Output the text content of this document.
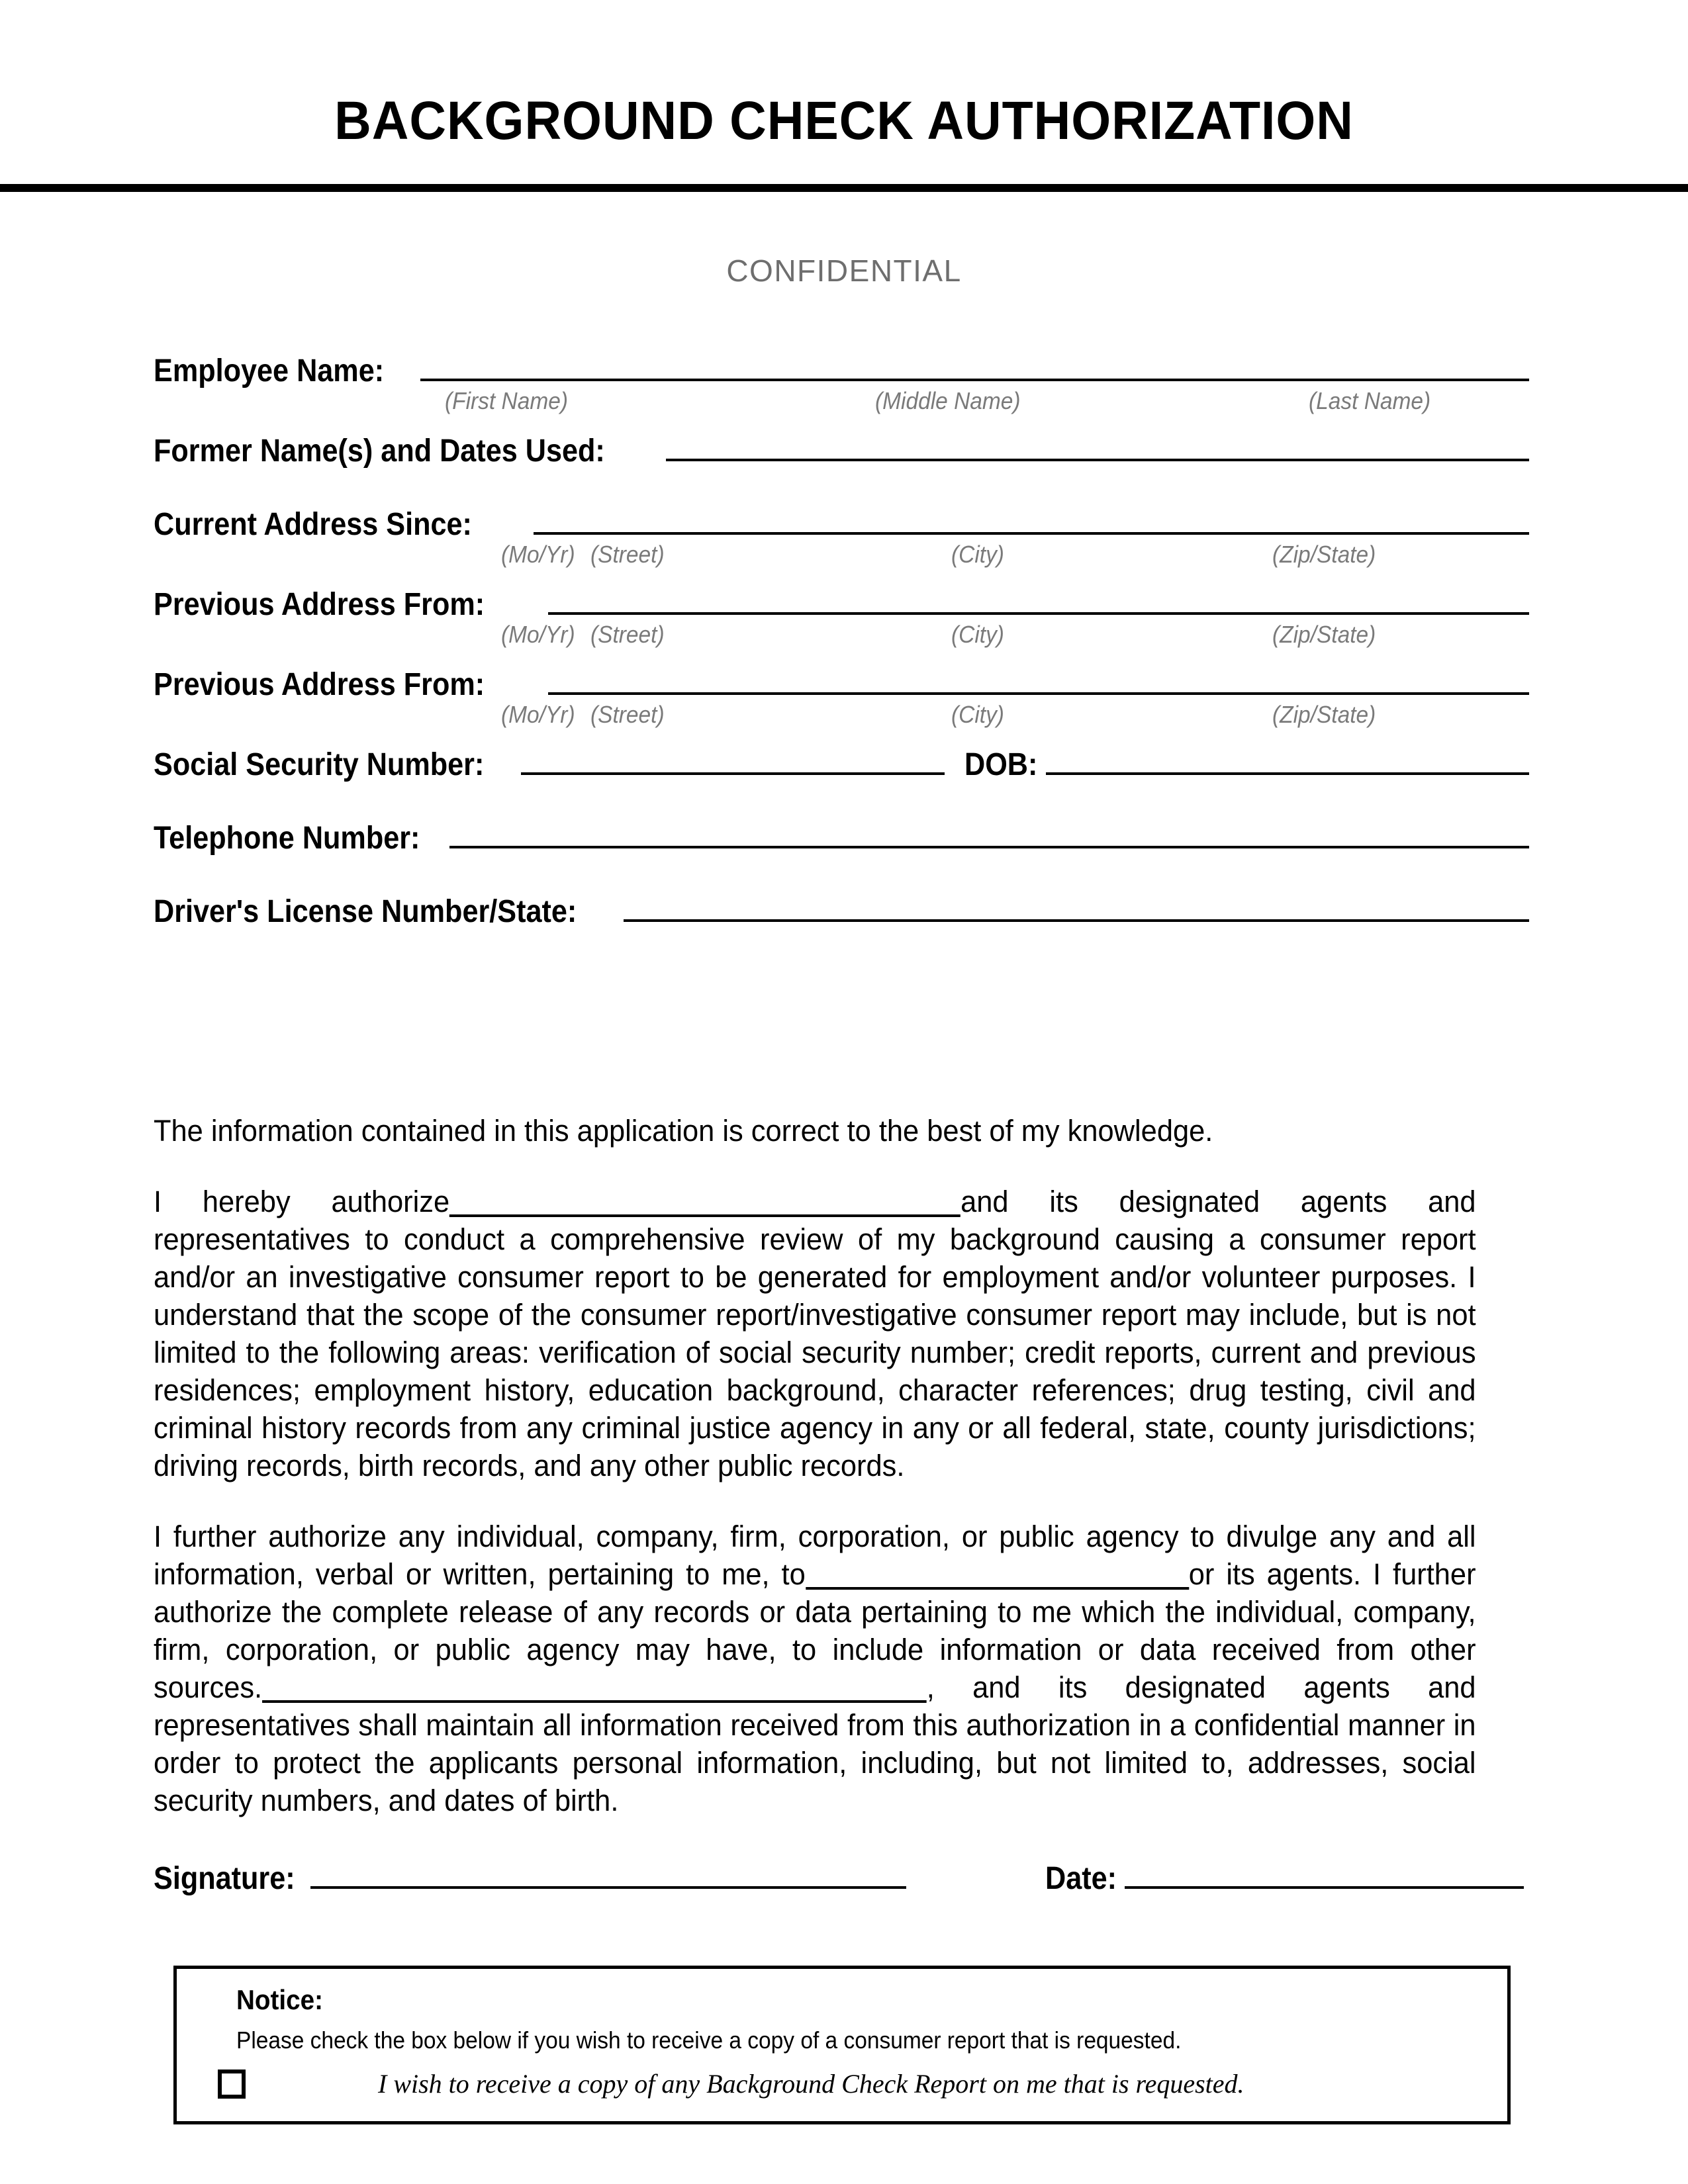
BACKGROUND CHECK AUTHORIZATION
CONFIDENTIAL
Employee Name:
(First Name)	(Middle Name)	(Last Name)
Former Name(s) and Dates Used:
Current Address Since:
(Mo/Yr) (Street)	(City)	(Zip/State)
Previous Address From:
(Mo/Yr) (Street)	(City)	(Zip/State)
Previous Address From:
(Mo/Yr) (Street)	(City)	(Zip/State)
Social Security Number:	DOB:
Telephone Number:
Driver's License Number/State:
The information contained in this application is correct to the best of my knowledge.
I hereby authorize	and its designated agents and representatives to conduct a comprehensive review of my background causing a consumer report and/or an investigative consumer report to be generated for employment and/or volunteer purposes. I understand that the scope of the consumer report/investigative consumer report may include, but is not limited to the following areas: verification of social security number; credit reports, current and previous residences; employment history, education background, character references; drug testing, civil and criminal history records from any criminal justice agency in any or all federal, state, county jurisdictions; driving records, birth records, and any other public records.
I further authorize any individual, company, firm, corporation, or public agency to divulge any and all information, verbal or written, pertaining to me, to	or its agents. I further authorize the complete release of any records or data pertaining to me which the individual, company, firm, corporation, or public agency may have, to include information or data received from other sources.	, and its designated agents and representatives shall maintain all information received from this authorization in a confidential manner in order to protect the applicants personal information, including, but not limited to, addresses, social security numbers, and dates of birth.
Signature:	Date:
Notice:
Please check the box below if you wish to receive a copy of a consumer report that is requested.
I wish to receive a copy of any Background Check Report on me that is requested.
